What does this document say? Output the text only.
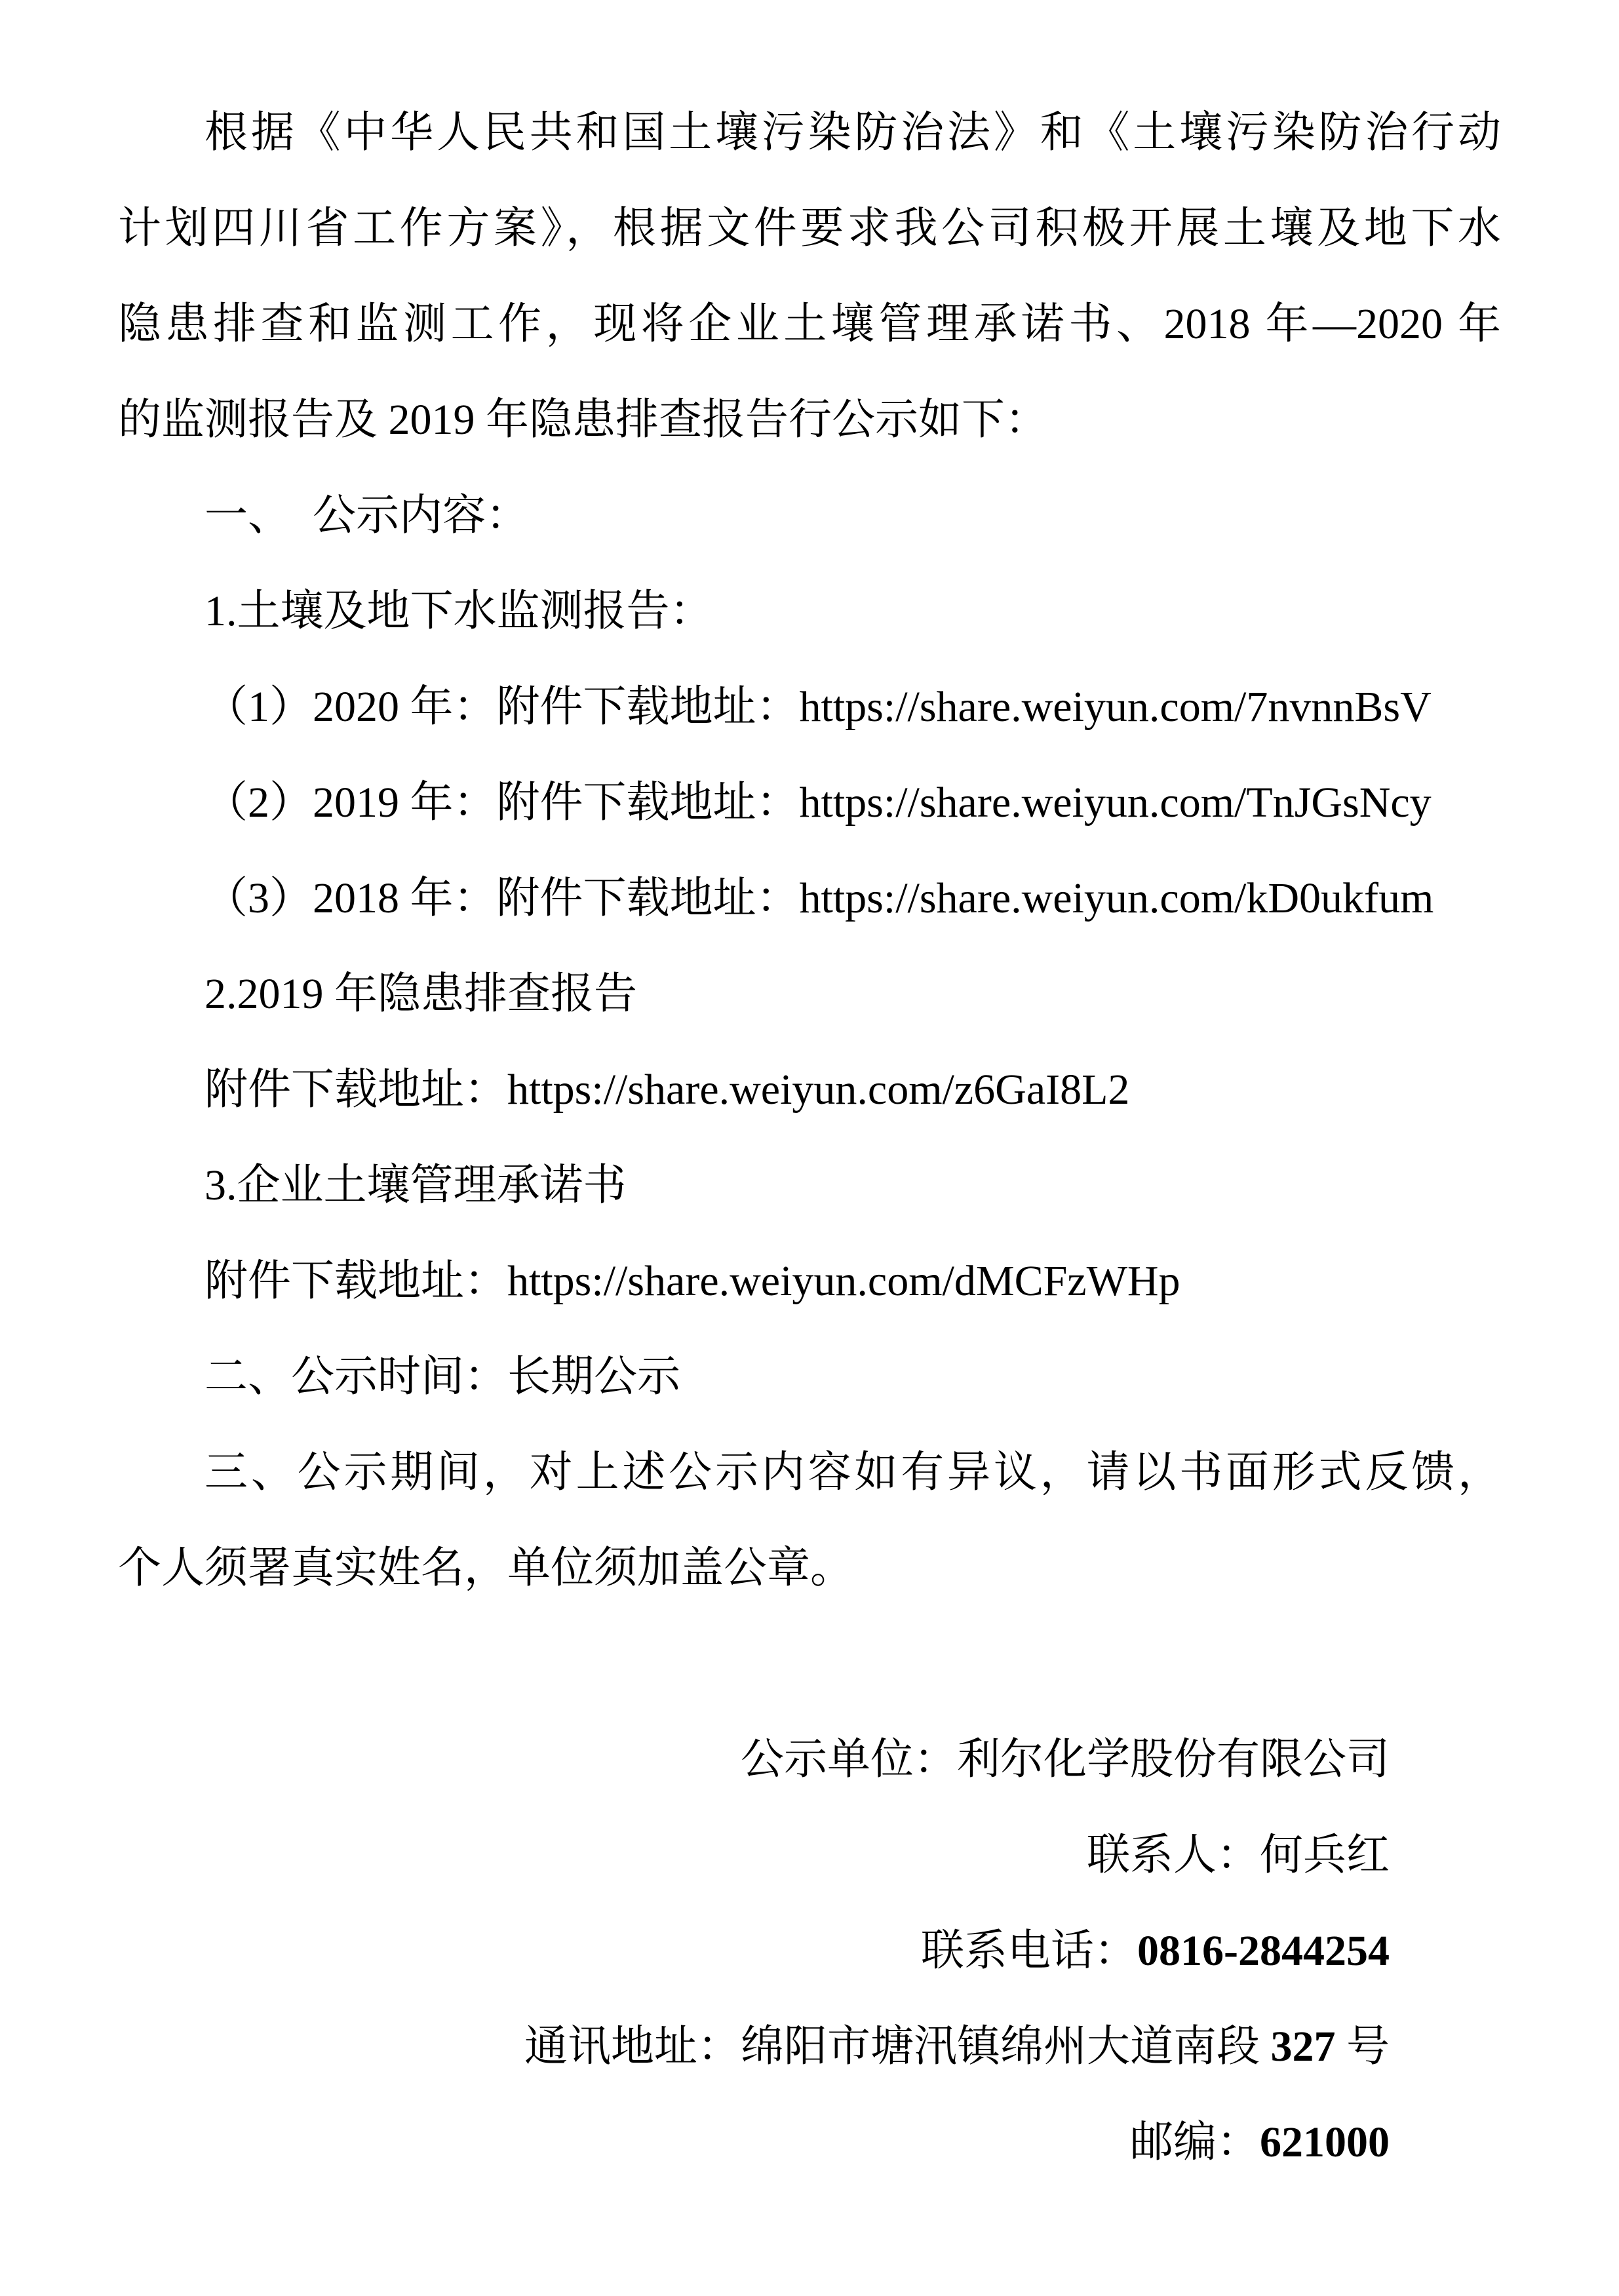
根据《中华人民共和国土壤污染防治法》和《土壤污染防治行动
计划四川省工作方案》，根据文件要求我公司积极开展土壤及地下水
隐患排查和监测工作，现将企业土壤管理承诺书、2018 年—2020 年
的监测报告及 2019 年隐患排查报告行公示如下：
一、　公示内容：
1.土壤及地下水监测报告：
（1）2020 年：附件下载地址：https://share.weiyun.com/7nvnnBsV
（2）2019 年：附件下载地址：https://share.weiyun.com/TnJGsNcy
（3）2018 年：附件下载地址：https://share.weiyun.com/kD0ukfum
2.2019 年隐患排查报告
附件下载地址：https://share.weiyun.com/z6GaI8L2
3.企业土壤管理承诺书
附件下载地址：https://share.weiyun.com/dMCFzWHp
二、公示时间：长期公示
三、公示期间，对上述公示内容如有异议，请以书面形式反馈，
个人须署真实姓名，单位须加盖公章。
公示单位：利尔化学股份有限公司
联系人：何兵红
联系电话：0816-2844254
通讯地址：绵阳市塘汛镇绵州大道南段 327 号
邮编：621000
